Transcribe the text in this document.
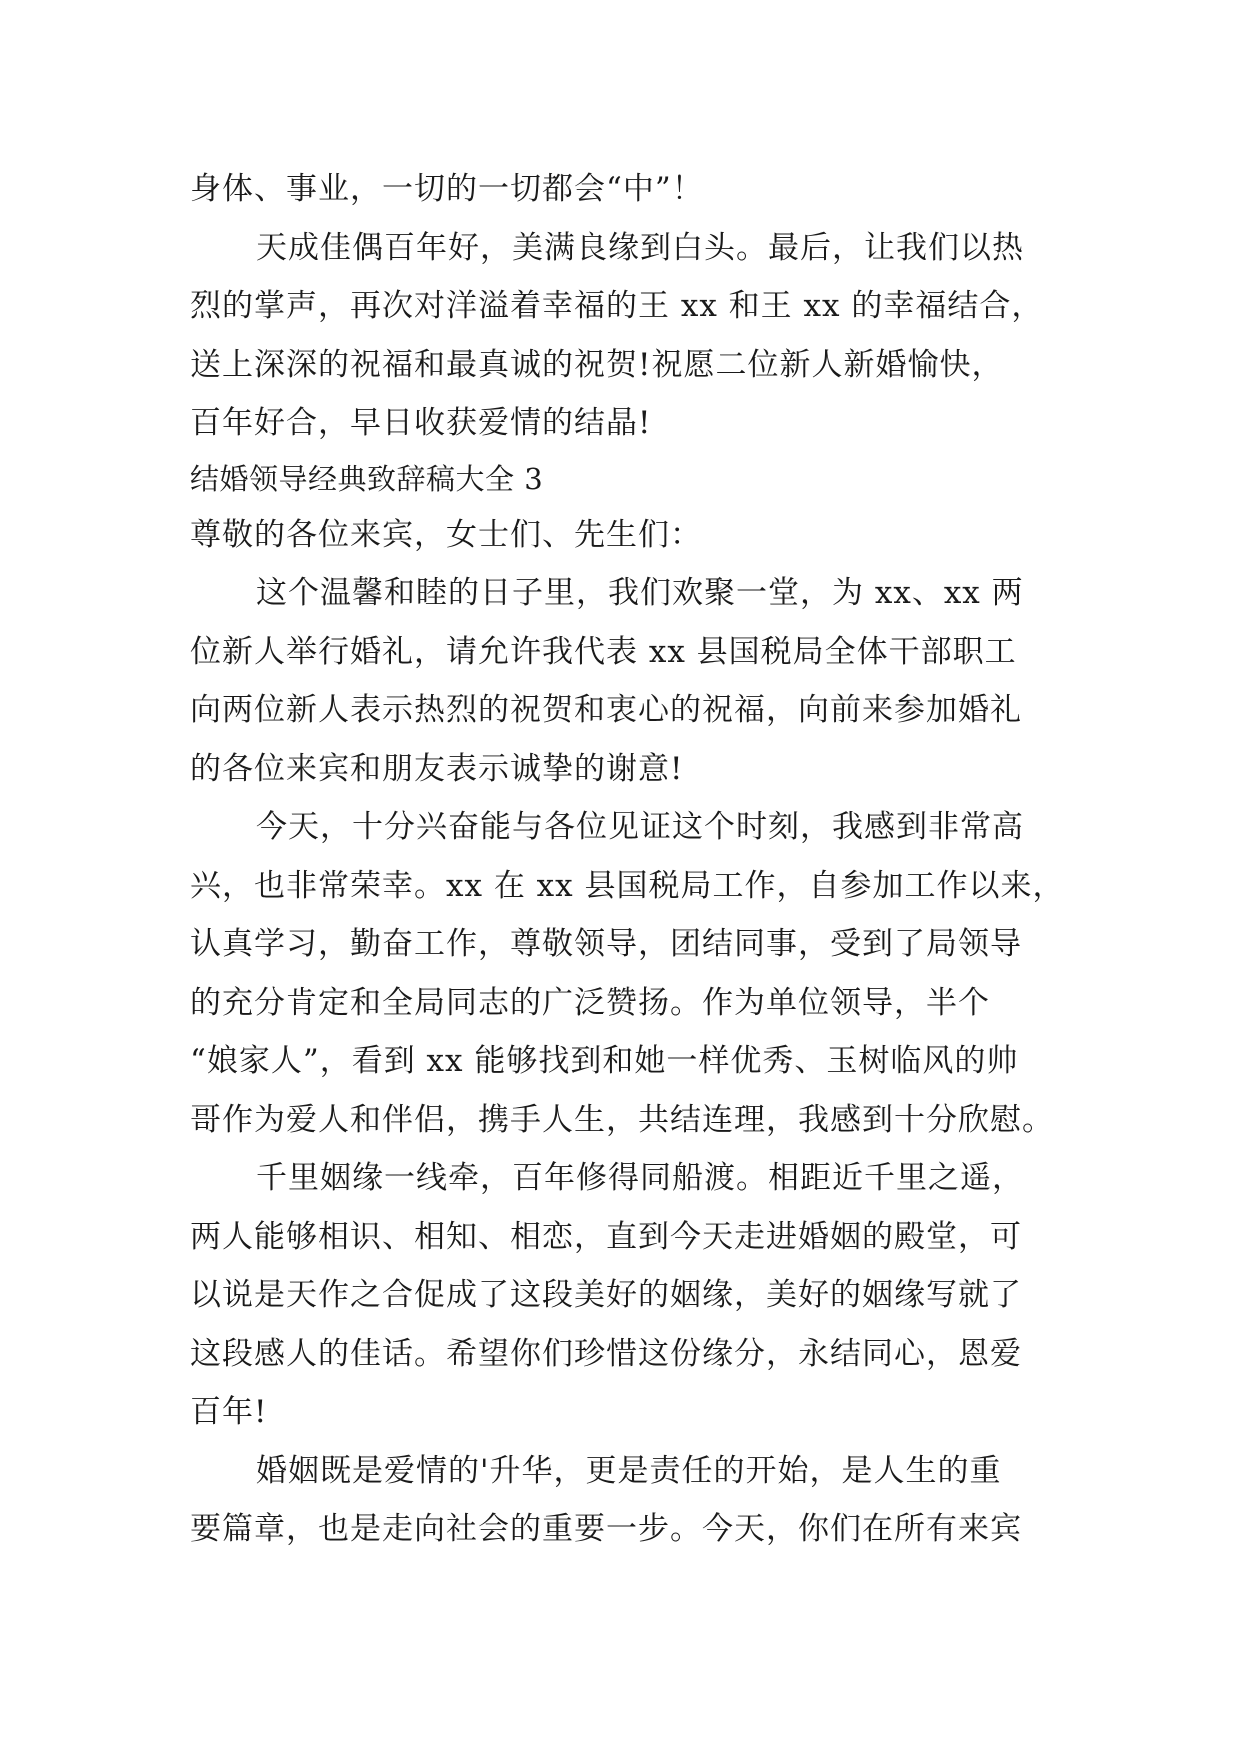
身体、事业，一切的一切都会“中”！
天成佳偶百年好，美满良缘到白头。最后，让我们以热
烈的掌声，再次对洋溢着幸福的王 xx 和王 xx 的幸福结合，
送上深深的祝福和最真诚的祝贺!祝愿二位新人新婚愉快，
百年好合，早日收获爱情的结晶!
结婚领导经典致辞稿大全 3
尊敬的各位来宾，女士们、先生们：
这个温馨和睦的日子里，我们欢聚一堂，为 xx、xx 两
位新人举行婚礼，请允许我代表 xx 县国税局全体干部职工
向两位新人表示热烈的祝贺和衷心的祝福，向前来参加婚礼
的各位来宾和朋友表示诚挚的谢意!
今天，十分兴奋能与各位见证这个时刻，我感到非常高
兴，也非常荣幸。xx 在 xx 县国税局工作，自参加工作以来，
认真学习，勤奋工作，尊敬领导，团结同事，受到了局领导
的充分肯定和全局同志的广泛赞扬。作为单位领导，半个
“娘家人”，看到 xx 能够找到和她一样优秀、玉树临风的帅
哥作为爱人和伴侣，携手人生，共结连理，我感到十分欣慰。
千里姻缘一线牵，百年修得同船渡。相距近千里之遥，
两人能够相识、相知、相恋，直到今天走进婚姻的殿堂，可
以说是天作之合促成了这段美好的姻缘，美好的姻缘写就了
这段感人的佳话。希望你们珍惜这份缘分，永结同心，恩爱
百年!
婚姻既是爱情的'升华，更是责任的开始，是人生的重
要篇章，也是走向社会的重要一步。今天，你们在所有来宾
